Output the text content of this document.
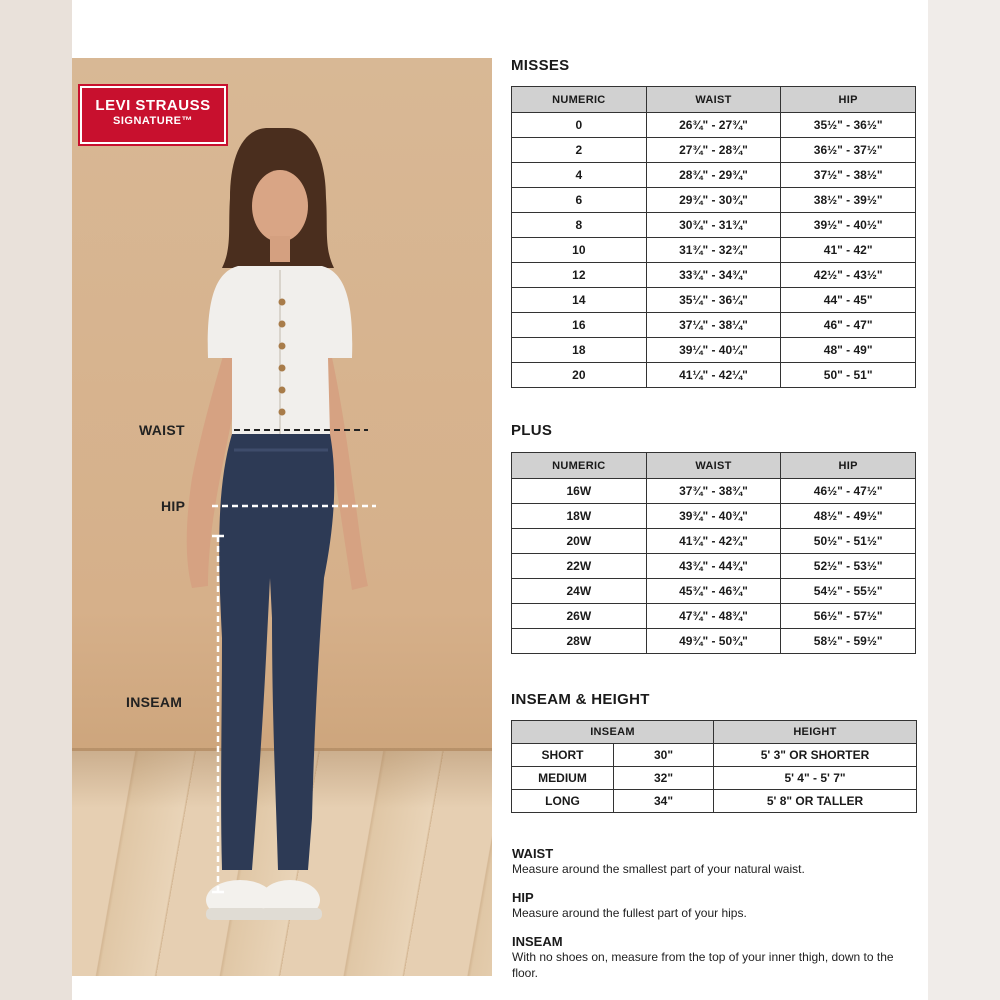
LEVI STRAUSS
SIGNATURE™
WAIST
HIP
INSEAM
MISSES
NUMERIC	WAIST	HIP
0	26¾" - 27¾"	35½" - 36½"
2	27¾" - 28¾"	36½" - 37½"
4	28¾" - 29¾"	37½" - 38½"
6	29¾" - 30¾"	38½" - 39½"
8	30¾" - 31¾"	39½" - 40½"
10	31¾" - 32¾"	41" - 42"
12	33¾" - 34¾"	42½" - 43½"
14	35¼" - 36¼"	44" - 45"
16	37¼" - 38¼"	46" - 47"
18	39¼" - 40¼"	48" - 49"
20	41¼" - 42¼"	50" - 51"
PLUS
NUMERIC	WAIST	HIP
16W	37¾" - 38¾"	46½" - 47½"
18W	39¾" - 40¾"	48½" - 49½"
20W	41¾" - 42¾"	50½" - 51½"
22W	43¾" - 44¾"	52½" - 53½"
24W	45¾" - 46¾"	54½" - 55½"
26W	47¾" - 48¾"	56½" - 57½"
28W	49¾" - 50¾"	58½" - 59½"
INSEAM & HEIGHT
INSEAM		HEIGHT
SHORT	30"	5' 3" OR SHORTER
MEDIUM	32"	5' 4" - 5' 7"
LONG	34"	5' 8" OR TALLER

WAIST

Measure around the smallest part of your natural waist.

HIP

Measure around the fullest part of your hips.

INSEAM

With no shoes on, measure from the top of your inner thigh, down to the floor.
